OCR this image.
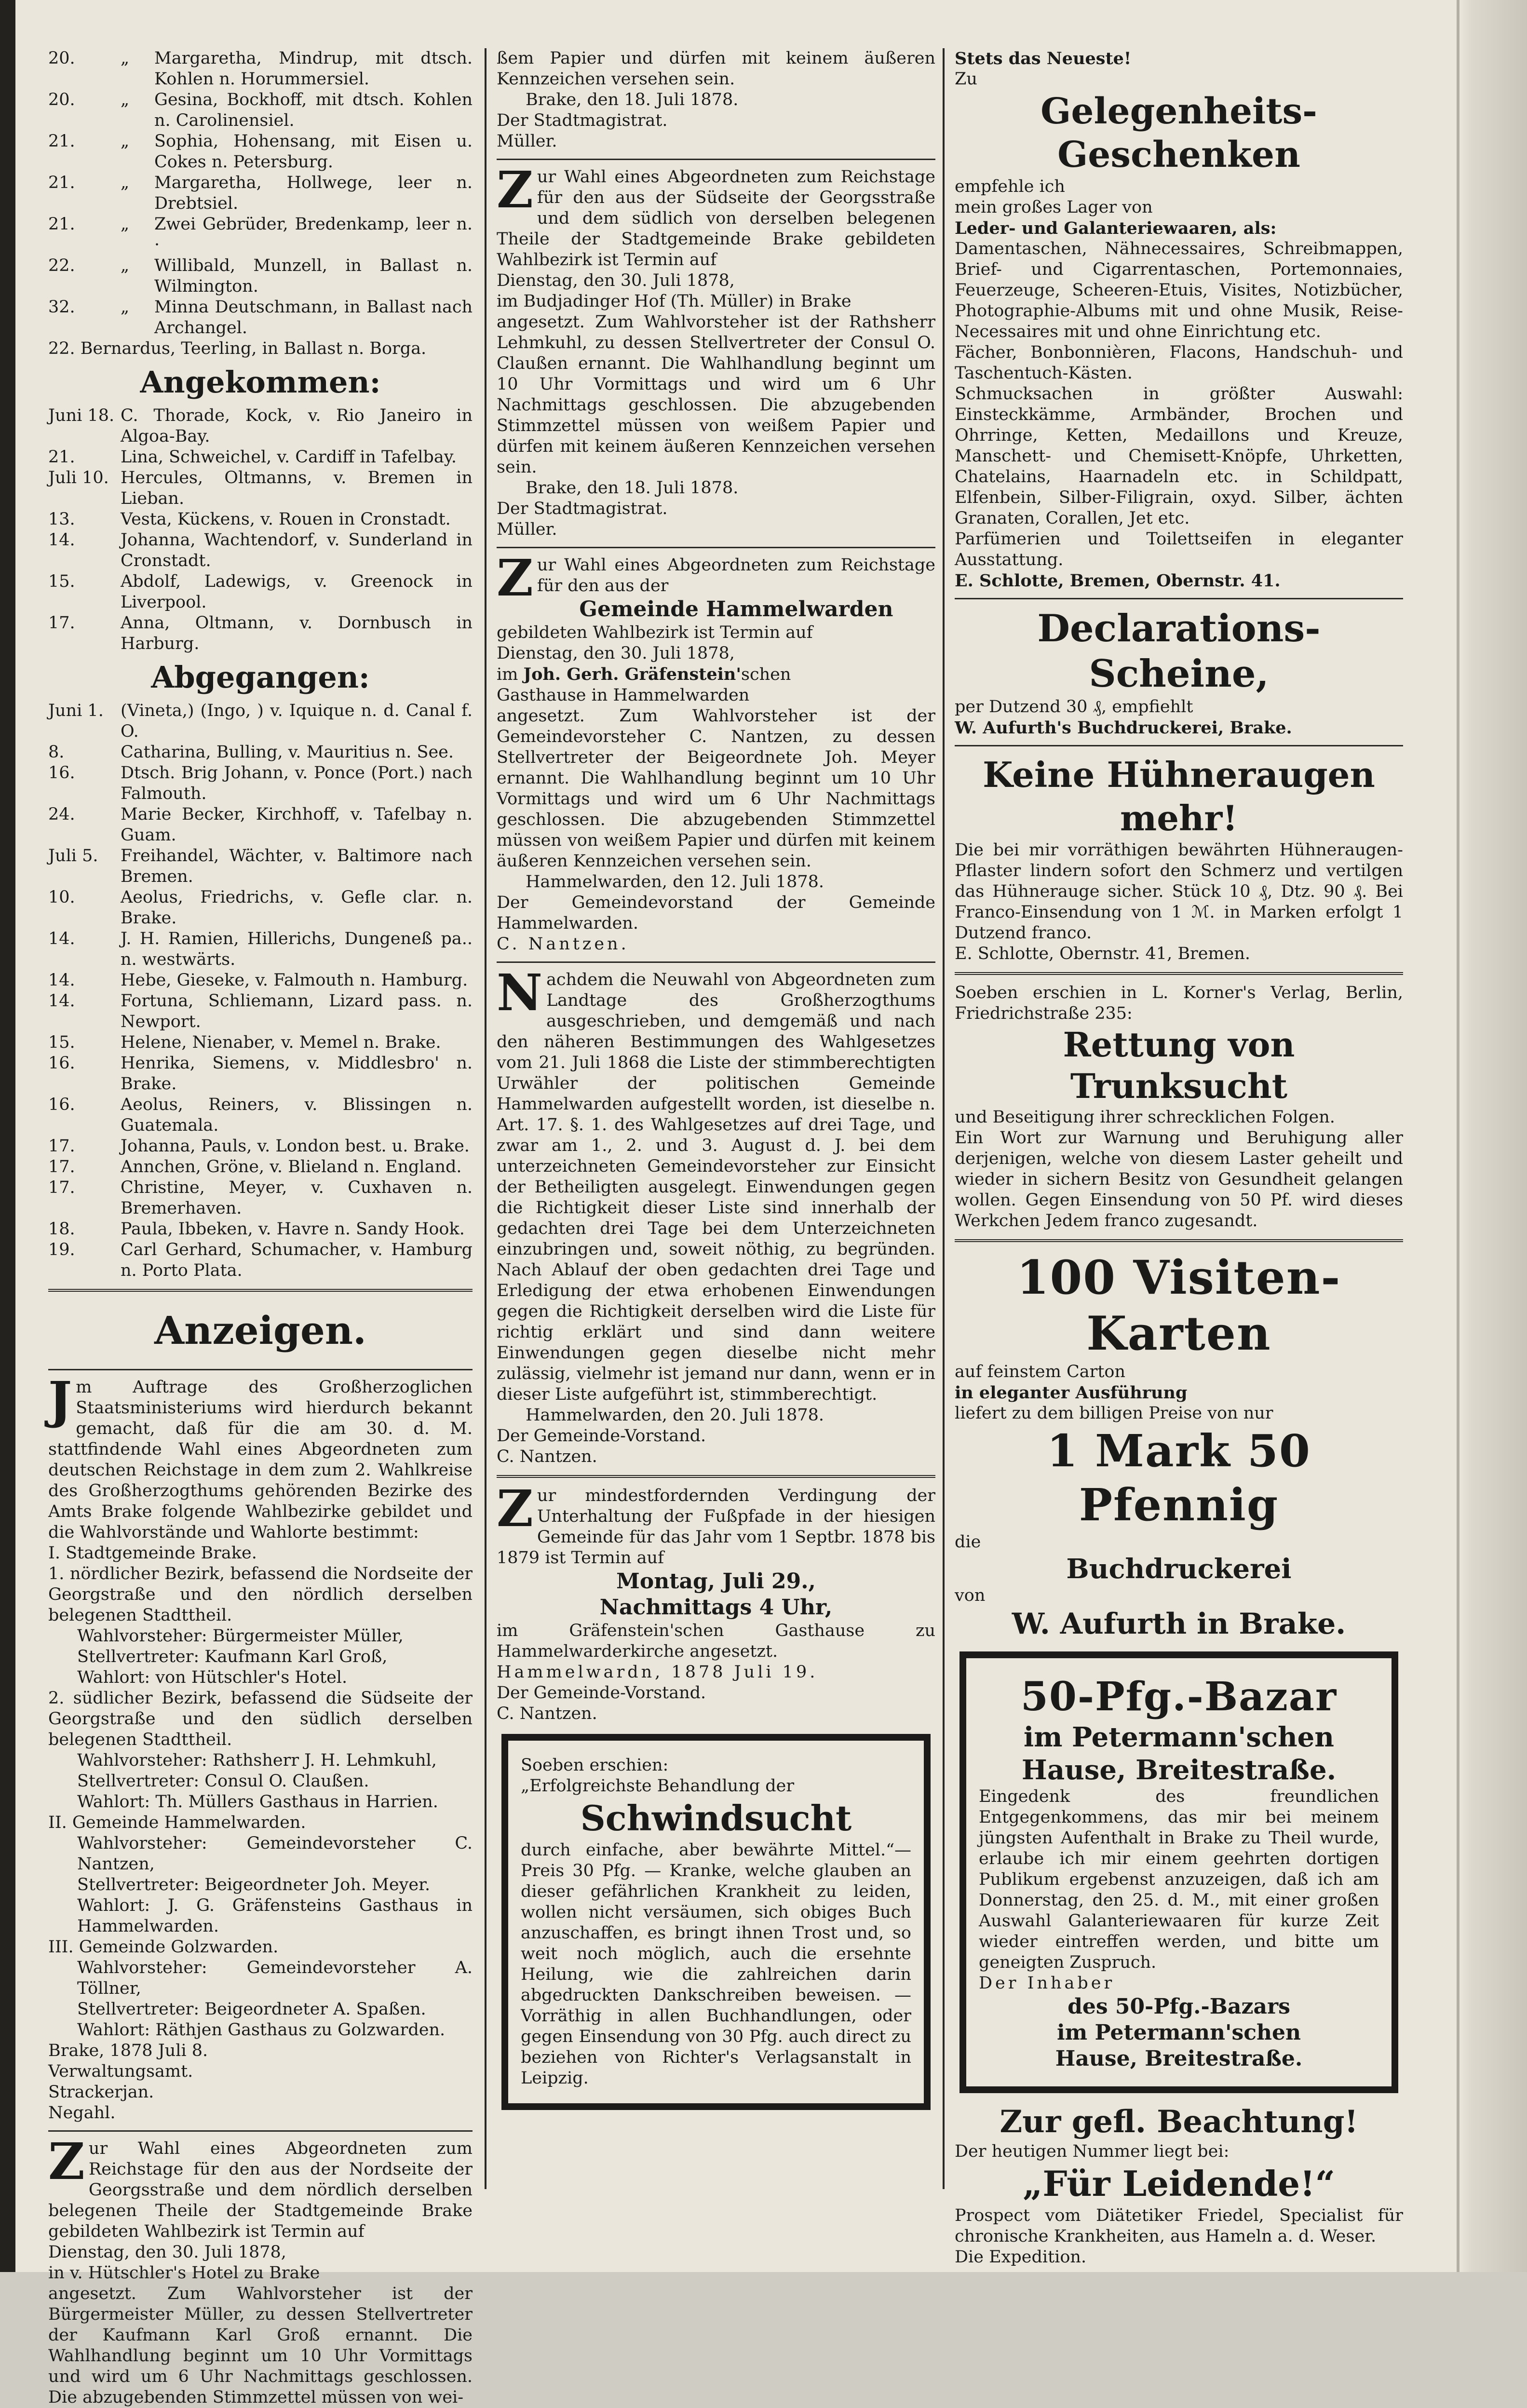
20.	„	Margaretha, Mindrup, mit dtsch. Kohlen n. Horummersiel.
20.	„	Gesina, Bockhoff, mit dtsch. Kohlen n. Carolinensiel.
21.	„	Sophia, Hohensang, mit Eisen u. Cokes n. Petersburg.
21.	„	Margaretha, Hollwege, leer n. Drebtsiel.
21.	„	Zwei Gebrüder, Bredenkamp, leer n. ·
22.	„	Willibald, Munzell, in Ballast n. Wilmington.
32.	„	Minna Deutschmann, in Ballast nach Archangel.

22. Bernardus, Teerling, in Ballast n. Borga.

Angekommen:
Juni 18. C. Thorade, Kock, v. Rio Janeiro in Algoa-Bay.
21.	Lina, Schweichel, v. Cardiff in Tafelbay.
Juli 10. Hercules, Oltmanns, v. Bremen in Lieban.
13.	Vesta, Kückens, v. Rouen in Cronstadt.
14.	Johanna, Wachtendorf, v. Sunderland in Cronstadt.
15.	Abdolf, Ladewigs, v. Greenock in Liverpool.
17.	Anna, Oltmann, v. Dornbusch in Harburg.
Abgegangen:
Juni 1.	(Vineta,) (Ingo, ) v. Iquique n. d. Canal f. O.
8.	Catharina, Bulling, v. Mauritius n. See.
16.	Dtsch. Brig Johann, v. Ponce (Port.) nach Falmouth.
24.	Marie Becker, Kirchhoff, v. Tafelbay n. Guam.
Juli 5.	Freihandel, Wächter, v. Baltimore nach Bremen.
10.	Aeolus, Friedrichs, v. Gefle clar. n. Brake.
14.	J. H. Ramien, Hillerichs, Dungeneß pa.. n. westwärts.
14.	Hebe, Gieseke, v. Falmouth n. Hamburg.
14.	Fortuna, Schliemann, Lizard pass. n. Newport.
15.	Helene, Nienaber, v. Memel n. Brake.
16.	Henrika, Siemens, v. Middlesbro' n. Brake.
16.	Aeolus, Reiners, v. Blissingen n. Guatemala.
17.	Johanna, Pauls, v. London best. u. Brake.
17.	Annchen, Gröne, v. Blieland n. England.
17.	Christine, Meyer, v. Cuxhaven n. Bremerhaven.
18.	Paula, Ibbeken, v. Havre n. Sandy Hook.
19.	Carl Gerhard, Schumacher, v. Hamburg n. Porto Plata.
Anzeigen.

Jm Auftrage des Großherzoglichen Staatsministeriums wird hierdurch bekannt gemacht, daß für die am 30. d. M. stattfindende Wahl eines Abgeordneten zum deutschen Reichstage in dem zum 2. Wahlkreise des Großherzogthums gehörenden Bezirke des Amts Brake folgende Wahlbezirke gebildet und die Wahlvorstände und Wahlorte bestimmt:

I. Stadtgemeinde Brake.

1. nördlicher Bezirk, befassend die Nordseite der Georgstraße und den nördlich derselben belegenen Stadttheil.

Wahlvorsteher: Bürgermeister Müller,

Stellvertreter: Kaufmann Karl Groß,

Wahlort: von Hütschler's Hotel.

2. südlicher Bezirk, befassend die Südseite der Georgstraße und den südlich derselben belegenen Stadttheil.

Wahlvorsteher: Rathsherr J. H. Lehmkuhl,

Stellvertreter: Consul O. Claußen.

Wahlort: Th. Müllers Gasthaus in Harrien.

II. Gemeinde Hammelwarden.

Wahlvorsteher: Gemeindevorsteher C. Nantzen,

Stellvertreter: Beigeordneter Joh. Meyer.

Wahlort: J. G. Gräfensteins Gasthaus in Hammelwarden.

III. Gemeinde Golzwarden.

Wahlvorsteher: Gemeindevorsteher A. Töllner,

Stellvertreter: Beigeordneter A. Spaßen.

Wahlort: Räthjen Gasthaus zu Golzwarden.

Brake, 1878 Juli 8.

Verwaltungsamt.

Strackerjan.

Negahl.

Zur Wahl eines Abgeordneten zum Reichstage für den aus der Nordseite der Georgsstraße und dem nördlich derselben belegenen Theile der Stadtgemeinde Brake gebildeten Wahlbezirk ist Termin auf

Dienstag, den 30. Juli 1878,

in v. Hütschler's Hotel zu Brake

angesetzt. Zum Wahlvorsteher ist der Bürgermeister Müller, zu dessen Stellvertreter der Kaufmann Karl Groß ernannt. Die Wahlhandlung beginnt um 10 Uhr Vormittags und wird um 6 Uhr Nachmittags geschlossen. Die abzugebenden Stimmzettel müssen von wei-

ßem Papier und dürfen mit keinem äußeren Kennzeichen versehen sein.

Brake, den 18. Juli 1878.

Der Stadtmagistrat.

Müller.

Zur Wahl eines Abgeordneten zum Reichstage für den aus der Südseite der Georgsstraße und dem südlich von derselben belegenen Theile der Stadtgemeinde Brake gebildeten Wahlbezirk ist Termin auf

Dienstag, den 30. Juli 1878,

im Budjadinger Hof (Th. Müller) in Brake

angesetzt. Zum Wahlvorsteher ist der Rathsherr Lehmkuhl, zu dessen Stellvertreter der Consul O. Claußen ernannt. Die Wahlhandlung beginnt um 10 Uhr Vormittags und wird um 6 Uhr Nachmittags geschlossen. Die abzugebenden Stimmzettel müssen von weißem Papier und dürfen mit keinem äußeren Kennzeichen versehen sein.

Brake, den 18. Juli 1878.

Der Stadtmagistrat.

Müller.

Zur Wahl eines Abgeordneten zum Reichstage für den aus der

Gemeinde Hammelwarden

gebildeten Wahlbezirk ist Termin auf

Dienstag, den 30. Juli 1878,

im Joh. Gerh. Gräfenstein'schen

Gasthause in Hammelwarden

angesetzt. Zum Wahlvorsteher ist der Gemeindevorsteher C. Nantzen, zu dessen Stellvertreter der Beigeordnete Joh. Meyer ernannt. Die Wahlhandlung beginnt um 10 Uhr Vormittags und wird um 6 Uhr Nachmittags geschlossen. Die abzugebenden Stimmzettel müssen von weißem Papier und dürfen mit keinem äußeren Kennzeichen versehen sein.

Hammelwarden, den 12. Juli 1878.

Der Gemeindevorstand der Gemeinde Hammelwarden.

C. Nantzen.

Nachdem die Neuwahl von Abgeordneten zum Landtage des Großherzogthums ausgeschrieben, und demgemäß und nach den näheren Bestimmungen des Wahlgesetzes vom 21. Juli 1868 die Liste der stimmberechtigten Urwähler der politischen Gemeinde Hammelwarden aufgestellt worden, ist dieselbe n. Art. 17. §. 1. des Wahlgesetzes auf drei Tage, und zwar am 1., 2. und 3. August d. J. bei dem unterzeichneten Gemeindevorsteher zur Einsicht der Betheiligten ausgelegt. Einwendungen gegen die Richtigkeit dieser Liste sind innerhalb der gedachten drei Tage bei dem Unterzeichneten einzubringen und, soweit nöthig, zu begründen. Nach Ablauf der oben gedachten drei Tage und Erledigung der etwa erhobenen Einwendungen gegen die Richtigkeit derselben wird die Liste für richtig erklärt und sind dann weitere Einwendungen gegen dieselbe nicht mehr zulässig, vielmehr ist jemand nur dann, wenn er in dieser Liste aufgeführt ist, stimmberechtigt.

Hammelwarden, den 20. Juli 1878.

Der Gemeinde-Vorstand.

C. Nantzen.

Zur mindestfordernden Verdingung der Unterhaltung der Fußpfade in der hiesigen Gemeinde für das Jahr vom 1 Septbr. 1878 bis 1879 ist Termin auf

Montag, Juli 29.,
Nachmittags 4 Uhr,

im Gräfenstein'schen Gasthause zu Hammelwarderkirche angesetzt.

Hammelwardn, 1878 Juli 19.

Der Gemeinde-Vorstand.

C. Nantzen.

Soeben erschien:

„Erfolgreichste Behandlung der

Schwindsucht

durch einfache, aber bewährte Mittel.“— Preis 30 Pfg. — Kranke, welche glauben an dieser gefährlichen Krankheit zu leiden, wollen nicht versäumen, sich obiges Buch anzuschaffen, es bringt ihnen Trost und, so weit noch möglich, auch die ersehnte Heilung, wie die zahlreichen darin abgedruckten Dankschreiben beweisen. — Vorräthig in allen Buchhandlungen, oder gegen Einsendung von 30 Pfg. auch direct zu beziehen von Richter's Verlagsanstalt in Leipzig.

Stets das Neueste!

Zu

Gelegenheits-Geschenken

empfehle ich

mein großes Lager von

Leder- und Galanteriewaaren, als:

Damentaschen, Nähnecessaires, Schreibmappen, Brief- und Cigarrentaschen, Portemonnaies, Feuerzeuge, Scheeren-Etuis, Visites, Notizbücher, Photographie-Albums mit und ohne Musik, Reise-Necessaires mit und ohne Einrichtung etc.

Fächer, Bonbonnièren, Flacons, Handschuh- und Taschentuch-Kästen.

Schmucksachen in größter Auswahl: Einsteckkämme, Armbänder, Brochen und Ohrringe, Ketten, Medaillons und Kreuze, Manschett- und Chemisett-Knöpfe, Uhrketten, Chatelains, Haarnadeln etc. in Schildpatt, Elfenbein, Silber-Filigrain, oxyd. Silber, ächten Granaten, Corallen, Jet etc.

Parfümerien und Toilettseifen in eleganter Ausstattung.

E. Schlotte, Bremen, Obernstr. 41.

Declarations-Scheine,

per Dutzend 30 ₰, empfiehlt

W. Aufurth's Buchdruckerei, Brake.

Keine Hühneraugen mehr!

Die bei mir vorräthigen bewährten Hühneraugen-Pflaster lindern sofort den Schmerz und vertilgen das Hühnerauge sicher. Stück 10 ₰, Dtz. 90 ₰. Bei Franco-Einsendung von 1 ℳ. in Marken erfolgt 1 Dutzend franco.

E. Schlotte, Obernstr. 41, Bremen.

Soeben erschien in L. Korner's Verlag, Berlin, Friedrichstraße 235:

Rettung von Trunksucht

und Beseitigung ihrer schrecklichen Folgen.

Ein Wort zur Warnung und Beruhigung aller derjenigen, welche von diesem Laster geheilt und wieder in sichern Besitz von Gesundheit gelangen wollen. Gegen Einsendung von 50 Pf. wird dieses Werkchen Jedem franco zugesandt.

100 Visiten-Karten

auf feinstem Carton

in eleganter Ausführung

liefert zu dem billigen Preise von nur

1 Mark 50 Pfennig

die

Buchdruckerei

von

W. Aufurth in Brake.
50-Pfg.-Bazar
im Petermann'schen
Hause, Breitestraße.

Eingedenk des freundlichen Entgegenkommens, das mir bei meinem jüngsten Aufenthalt in Brake zu Theil wurde, erlaube ich mir einem geehrten dortigen Publikum ergebenst anzuzeigen, daß ich am Donnerstag, den 25. d. M., mit einer großen Auswahl Galanteriewaaren für kurze Zeit wieder eintreffen werden, und bitte um geneigten Zuspruch.

Der Inhaber

des 50-Pfg.-Bazars
im Petermann'schen
Hause, Breitestraße.
Zur gefl. Beachtung!

Der heutigen Nummer liegt bei:

„Für Leidende!“

Prospect vom Diätetiker Friedel, Specialist für chronische Krankheiten, aus Hameln a. d. Weser.

Die Expedition.
